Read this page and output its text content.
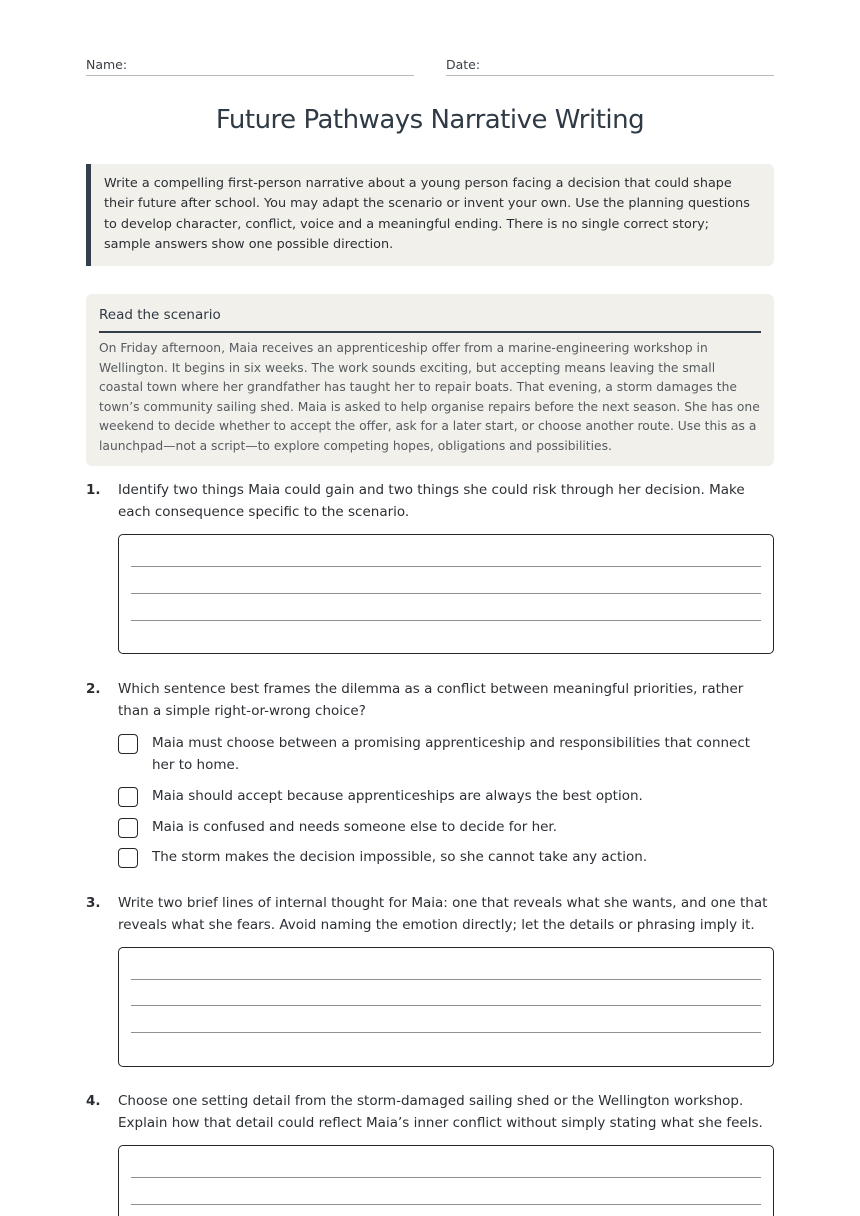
Name:	Date:
Future Pathways Narrative Writing
Write a compelling first-person narrative about a young person facing a decision that could shape their future after school. You may adapt the scenario or invent your own. Use the planning questions to develop character, conflict, voice and a meaningful ending. There is no single correct story; sample answers show one possible direction.
Read the scenario
On Friday afternoon, Maia receives an apprenticeship offer from a marine-engineering workshop in Wellington. It begins in six weeks. The work sounds exciting, but accepting means leaving the small coastal town where her grandfather has taught her to repair boats. That evening, a storm damages the town’s community sailing shed. Maia is asked to help organise repairs before the next season. She has one weekend to decide whether to accept the offer, ask for a later start, or choose another route. Use this as a launchpad—not a script—to explore competing hopes, obligations and possibilities.
1. Identify two things Maia could gain and two things she could risk through her decision. Make each consequence specific to the scenario.
2. Which sentence best frames the dilemma as a conflict between meaningful priorities, rather than a simple right-or-wrong choice?
Maia must choose between a promising apprenticeship and responsibilities that connect her to home.
Maia should accept because apprenticeships are always the best option.
Maia is confused and needs someone else to decide for her.
The storm makes the decision impossible, so she cannot take any action.
3. Write two brief lines of internal thought for Maia: one that reveals what she wants, and one that reveals what she fears. Avoid naming the emotion directly; let the details or phrasing imply it.
4. Choose one setting detail from the storm-damaged sailing shed or the Wellington workshop. Explain how that detail could reflect Maia’s inner conflict without simply stating what she feels.
